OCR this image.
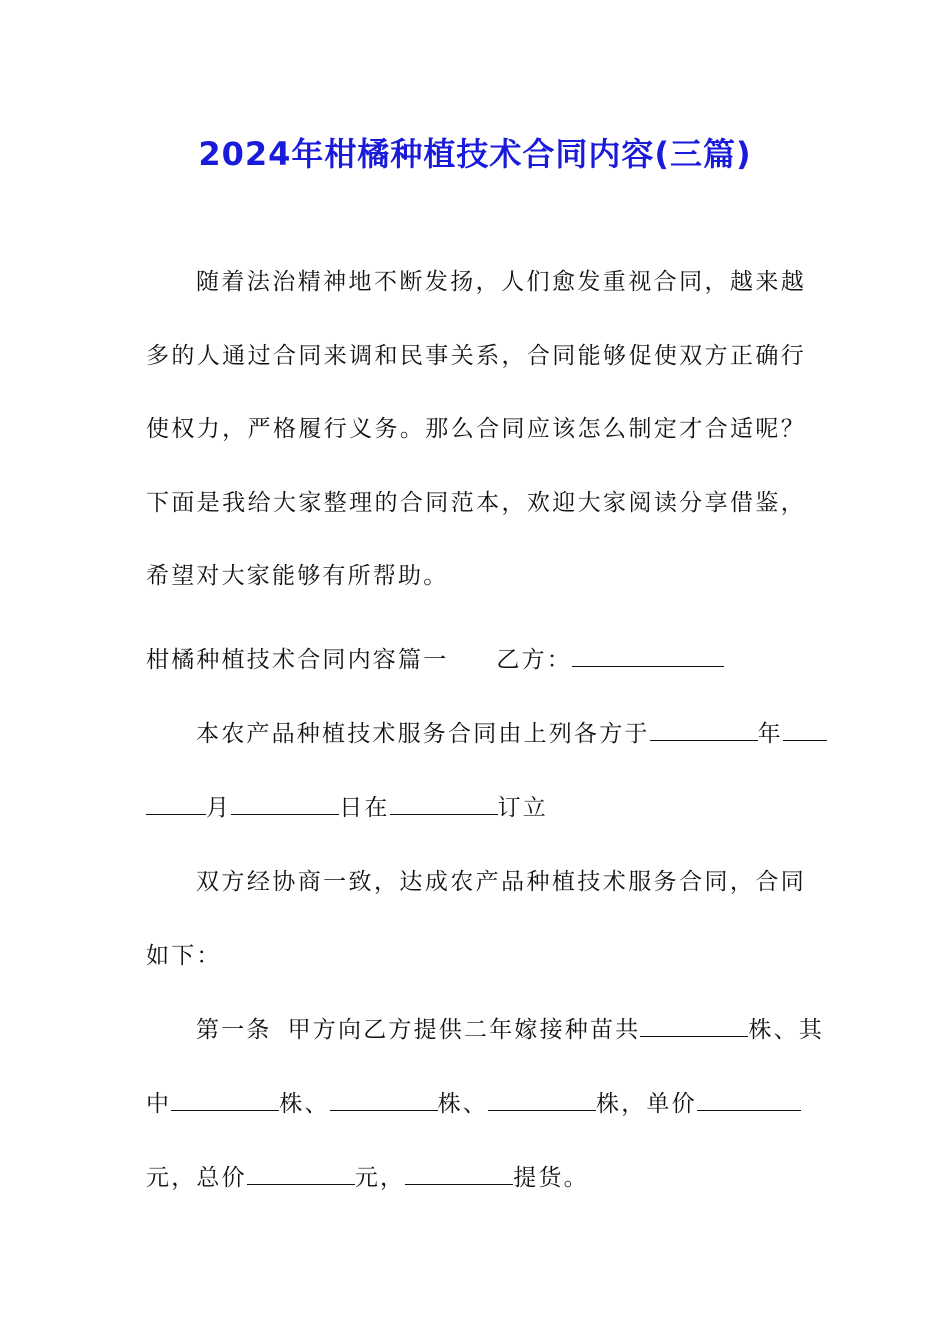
2024年柑橘种植技术合同内容(三篇)

随着法治精神地不断发扬，人们愈发重视合同，越来越多的人通过合同来调和民事关系，合同能够促使双方正确行使权力，严格履行义务。那么合同应该怎么制定才合适呢？下面是我给大家整理的合同范本，欢迎大家阅读分享借鉴，希望对大家能够有所帮助。

柑橘种植技术合同内容篇一 乙方：
本农产品种植技术服务合同由上列各方于	年
月	日在	订立

双方经协商一致，达成农产品种植技术服务合同，合同如下：

第一条 甲方向乙方提供二年嫁接种苗共	株、其
中	株、	株、	株，单价
元，总价	元，	提货。
